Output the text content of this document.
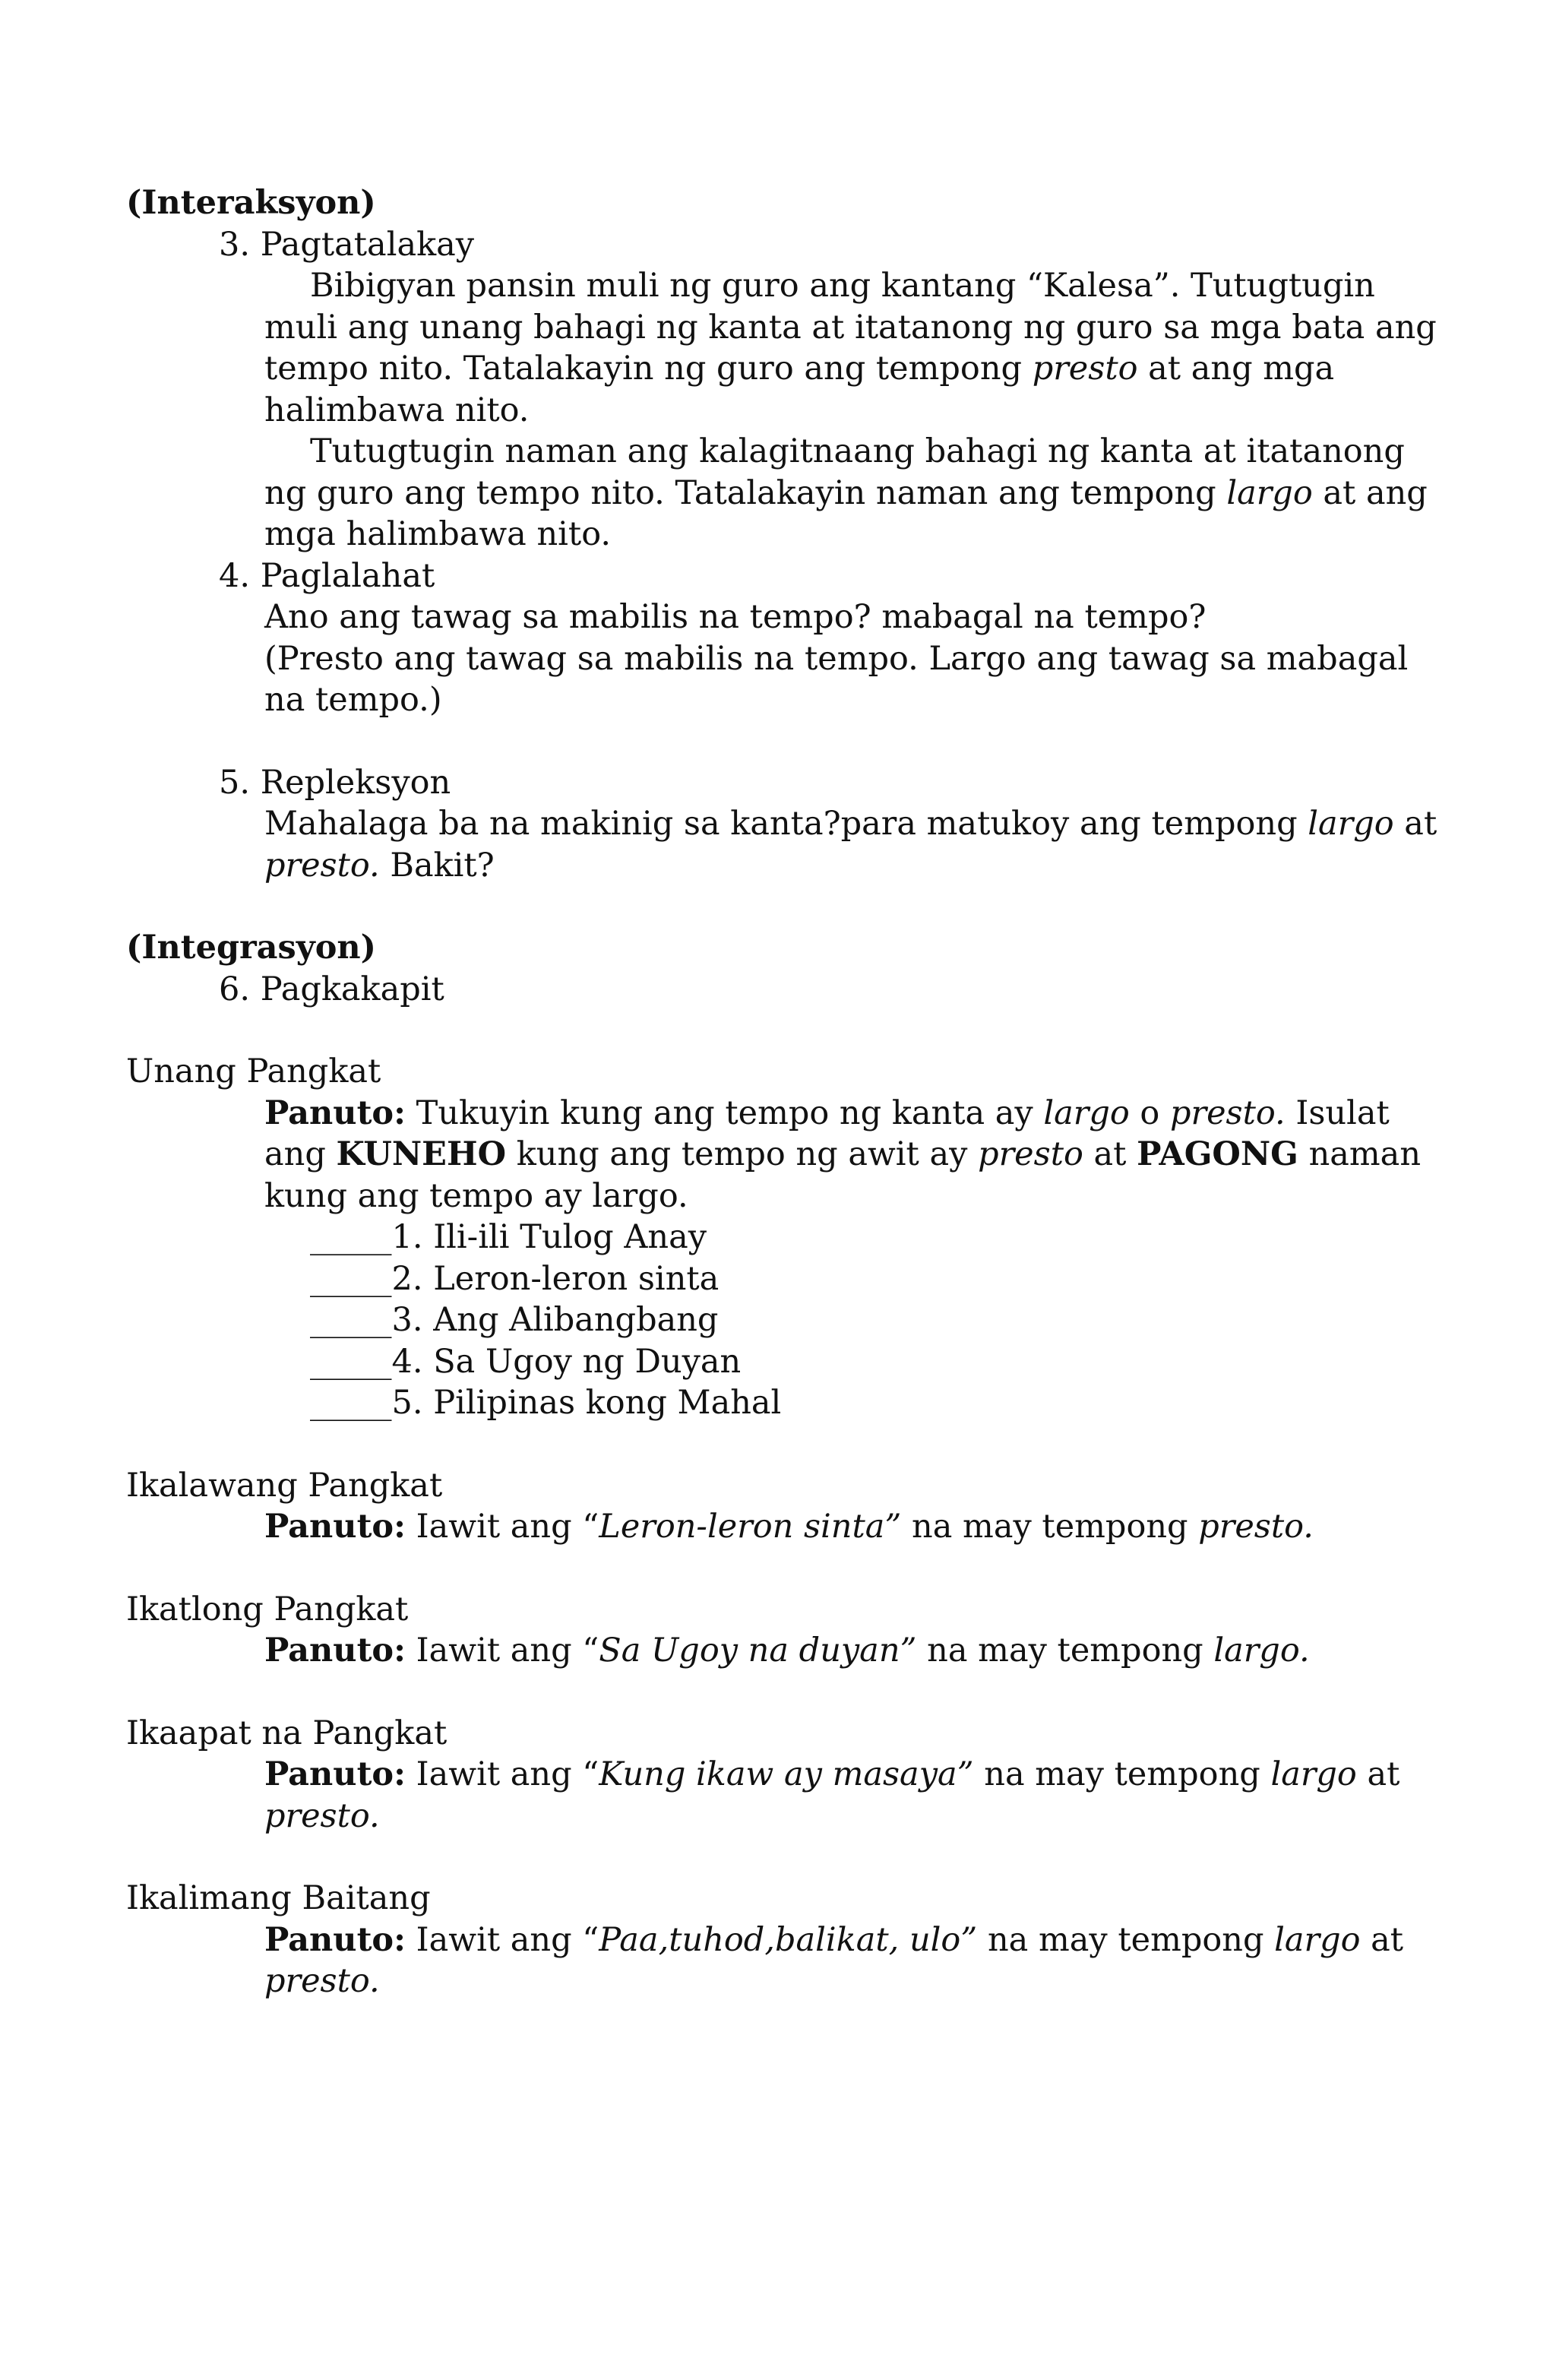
(Interaksyon)
3. Pagtatalakay
Bibigyan pansin muli ng guro ang kantang “Kalesa”. Tutugtugin
muli ang unang bahagi ng kanta at itatanong ng guro sa mga bata ang
tempo nito. Tatalakayin ng guro ang tempong presto at ang mga
halimbawa nito.
Tutugtugin naman ang kalagitnaang bahagi ng kanta at itatanong
ng guro ang tempo nito. Tatalakayin naman ang tempong largo at ang
mga halimbawa nito.
4. Paglalahat
Ano ang tawag sa mabilis na tempo? mabagal na tempo?
(Presto ang tawag sa mabilis na tempo. Largo ang tawag sa mabagal
na tempo.)
5. Repleksyon
Mahalaga ba na makinig sa kanta?para matukoy ang tempong largo at
presto. Bakit?
(Integrasyon)
6. Pagkakapit
Unang Pangkat
Panuto: Tukuyin kung ang tempo ng kanta ay largo o presto. Isulat
ang KUNEHO kung ang tempo ng awit ay presto at PAGONG naman
kung ang tempo ay largo.
_____1. Ili-ili Tulog Anay
_____2. Leron-leron sinta
_____3. Ang Alibangbang
_____4. Sa Ugoy ng Duyan
_____5. Pilipinas kong Mahal
Ikalawang Pangkat
Panuto: Iawit ang “Leron-leron sinta” na may tempong presto.
Ikatlong Pangkat
Panuto: Iawit ang “Sa Ugoy na duyan” na may tempong largo.
Ikaapat na Pangkat
Panuto: Iawit ang “Kung ikaw ay masaya” na may tempong largo at
presto.
Ikalimang Baitang
Panuto: Iawit ang “Paa,tuhod,balikat, ulo” na may tempong largo at
presto.
